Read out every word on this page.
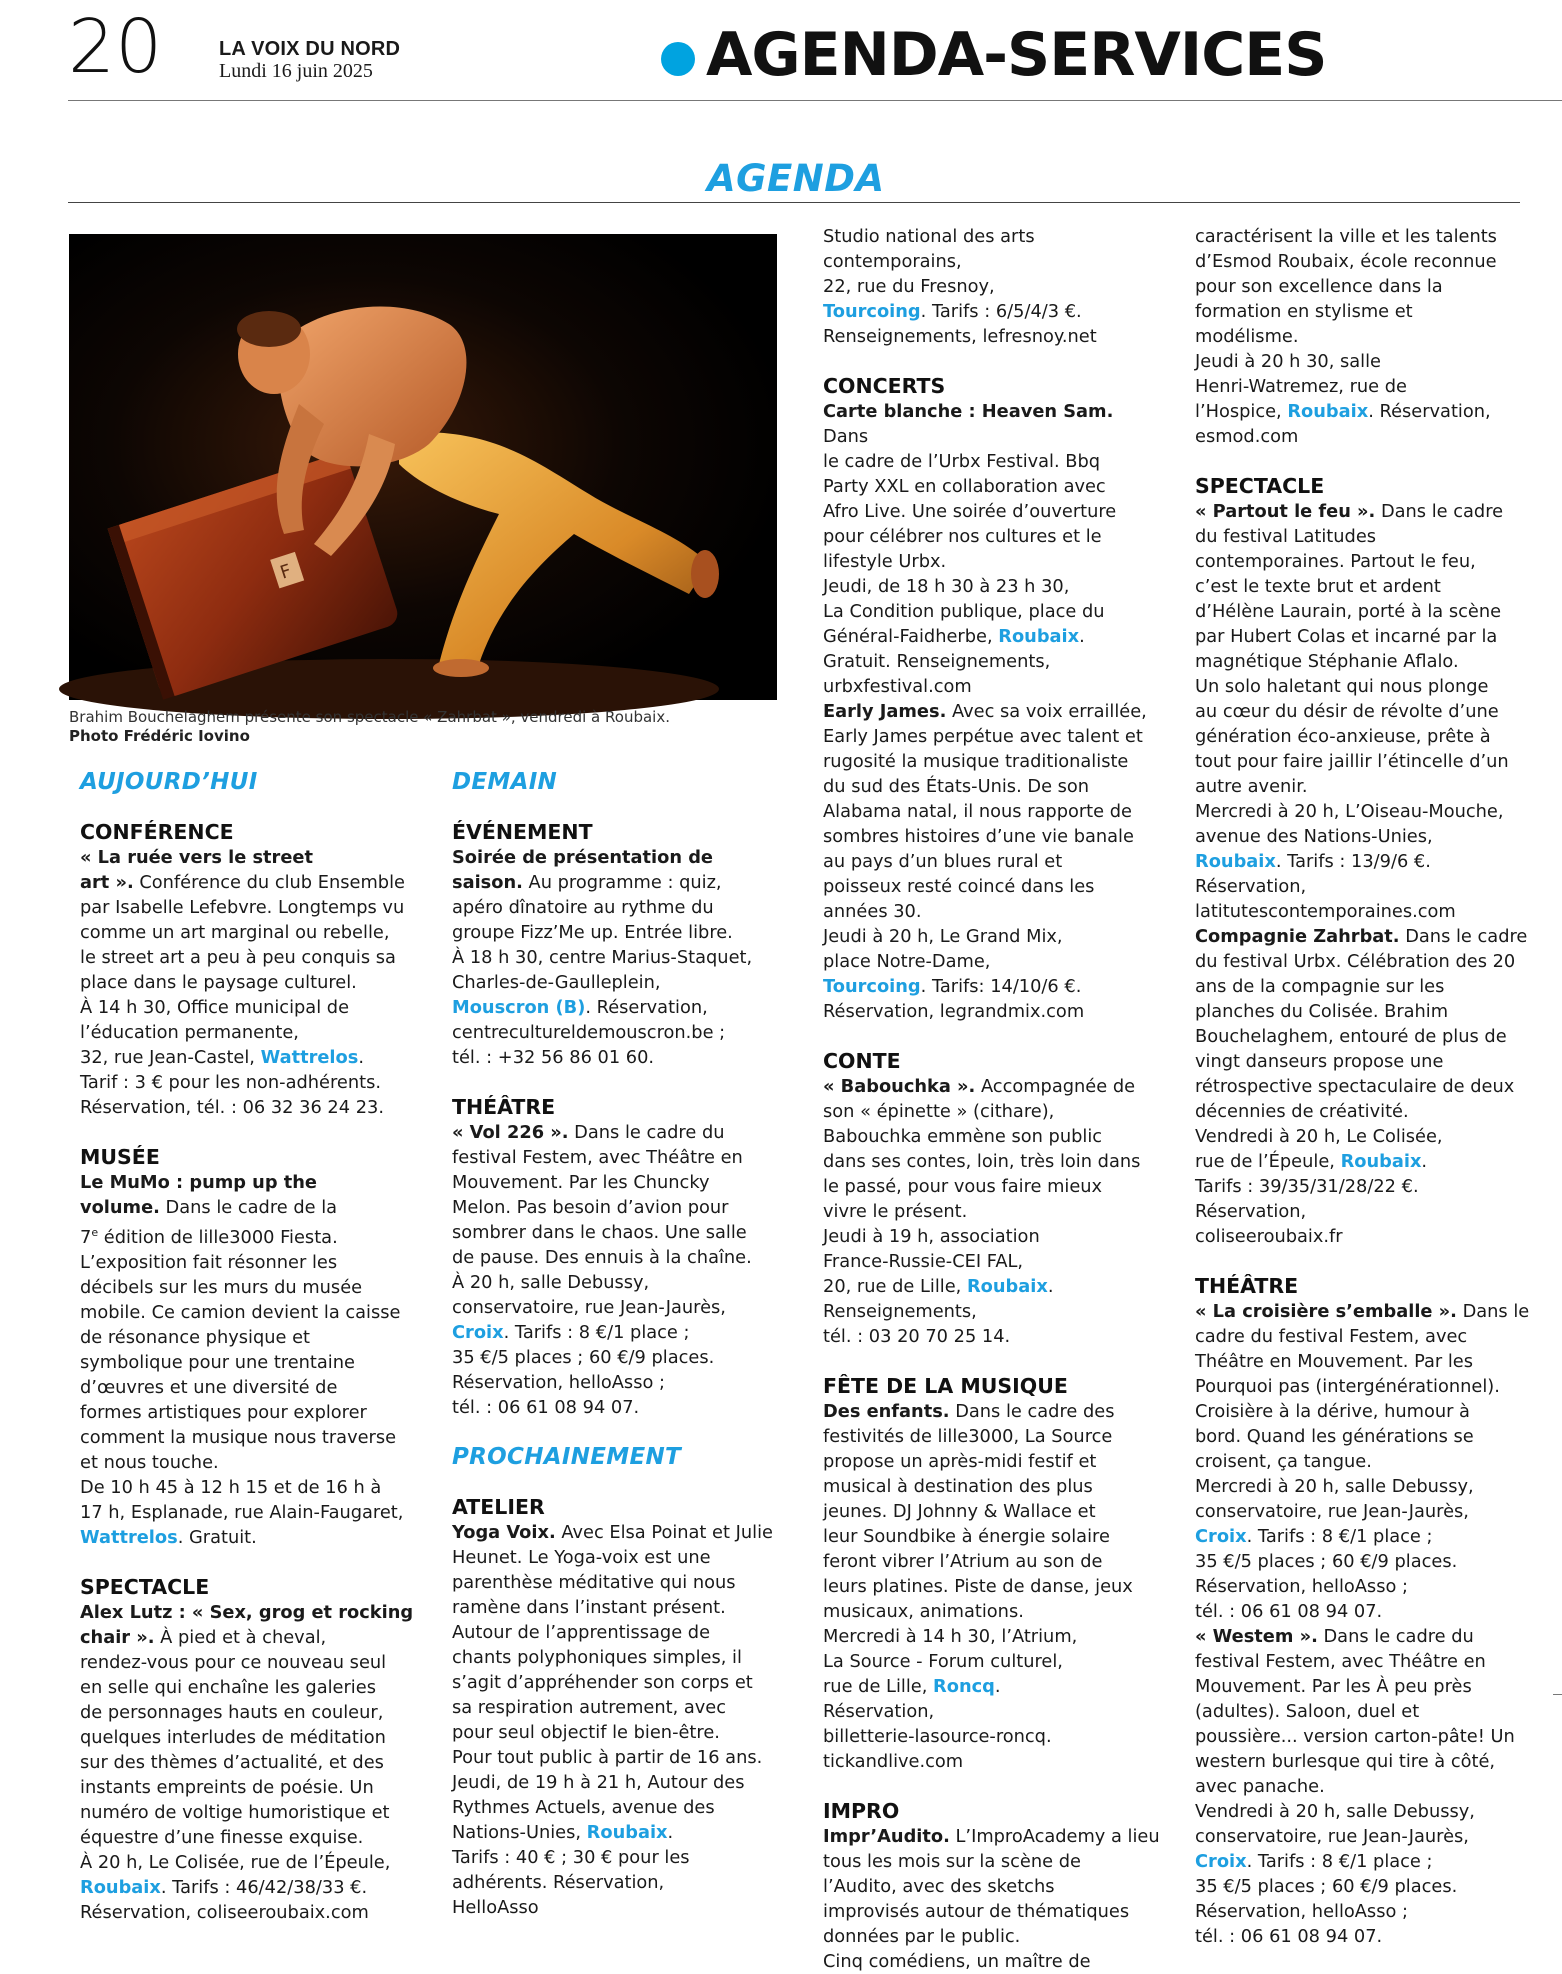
20	LA VOIX DU NORD
Lundi 16 juin 2025	AGENDA-SERVICES
AGENDA
F
Brahim Bouchelaghem présente son spectacle « Zahrbat », vendredi à Roubaix.
Photo Frédéric Iovino
AUJOURD’HUI
CONFÉRENCE
« La ruée vers le street
art ». Conférence du club Ensemble
par Isabelle Lefebvre. Longtemps vu
comme un art marginal ou rebelle,
le street art a peu à peu conquis sa
place dans le paysage culturel.
À 14 h 30, Office municipal de
l’éducation permanente,
32, rue Jean-Castel, Wattrelos.
Tarif : 3 € pour les non-adhérents.
Réservation, tél. : 06 32 36 24 23.
MUSÉE
Le MuMo : pump up the
volume. Dans le cadre de la
7e édition de lille3000 Fiesta.
L’exposition fait résonner les
décibels sur les murs du musée
mobile. Ce camion devient la caisse
de résonance physique et
symbolique pour une trentaine
d’œuvres et une diversité de
formes artistiques pour explorer
comment la musique nous traverse
et nous touche.
De 10 h 45 à 12 h 15 et de 16 h à
17 h, Esplanade, rue Alain-Faugaret,
Wattrelos. Gratuit.
SPECTACLE
Alex Lutz : « Sex, grog et rocking
chair ». À pied et à cheval,
rendez-vous pour ce nouveau seul
en selle qui enchaîne les galeries
de personnages hauts en couleur,
quelques interludes de méditation
sur des thèmes d’actualité, et des
instants empreints de poésie. Un
numéro de voltige humoristique et
équestre d’une finesse exquise.
À 20 h, Le Colisée, rue de l’Épeule,
Roubaix. Tarifs : 46/42/38/33 €.
Réservation, coliseeroubaix.com
DEMAIN
ÉVÉNEMENT
Soirée de présentation de
saison. Au programme : quiz,
apéro dînatoire au rythme du
groupe Fizz’Me up. Entrée libre.
À 18 h 30, centre Marius-Staquet,
Charles-de-Gaulleplein,
Mouscron (B). Réservation,
centrecultureldemouscron.be ;
tél. : +32 56 86 01 60.
THÉÂTRE
« Vol 226 ». Dans le cadre du
festival Festem, avec Théâtre en
Mouvement. Par les Chuncky
Melon. Pas besoin d’avion pour
sombrer dans le chaos. Une salle
de pause. Des ennuis à la chaîne.
À 20 h, salle Debussy,
conservatoire, rue Jean-Jaurès,
Croix. Tarifs : 8 €/1 place ;
35 €/5 places ; 60 €/9 places.
Réservation, helloAsso ;
tél. : 06 61 08 94 07.
PROCHAINEMENT
ATELIER
Yoga Voix. Avec Elsa Poinat et Julie
Heunet. Le Yoga-voix est une
parenthèse méditative qui nous
ramène dans l’instant présent.
Autour de l’apprentissage de
chants polyphoniques simples, il
s’agit d’appréhender son corps et
sa respiration autrement, avec
pour seul objectif le bien-être.
Pour tout public à partir de 16 ans.
Jeudi, de 19 h à 21 h, Autour des
Rythmes Actuels, avenue des
Nations-Unies, Roubaix.
Tarifs : 40 € ; 30 € pour les
adhérents. Réservation,
HelloAsso
Studio national des arts
contemporains,
22, rue du Fresnoy,
Tourcoing. Tarifs : 6/5/4/3 €.
Renseignements, lefresnoy.net
CONCERTS
Carte blanche : Heaven Sam. Dans
le cadre de l’Urbx Festival. Bbq
Party XXL en collaboration avec
Afro Live. Une soirée d’ouverture
pour célébrer nos cultures et le
lifestyle Urbx.
Jeudi, de 18 h 30 à 23 h 30,
La Condition publique, place du
Général-Faidherbe, Roubaix.
Gratuit. Renseignements,
urbxfestival.com
Early James. Avec sa voix erraillée,
Early James perpétue avec talent et
rugosité la musique traditionaliste
du sud des États-Unis. De son
Alabama natal, il nous rapporte de
sombres histoires d’une vie banale
au pays d’un blues rural et
poisseux resté coincé dans les
années 30.
Jeudi à 20 h, Le Grand Mix,
place Notre-Dame,
Tourcoing. Tarifs: 14/10/6 €.
Réservation, legrandmix.com
CONTE
« Babouchka ». Accompagnée de
son « épinette » (cithare),
Babouchka emmène son public
dans ses contes, loin, très loin dans
le passé, pour vous faire mieux
vivre le présent.
Jeudi à 19 h, association
France-Russie-CEI FAL,
20, rue de Lille, Roubaix.
Renseignements,
tél. : 03 20 70 25 14.
FÊTE DE LA MUSIQUE
Des enfants. Dans le cadre des
festivités de lille3000, La Source
propose un après-midi festif et
musical à destination des plus
jeunes. DJ Johnny & Wallace et
leur Soundbike à énergie solaire
feront vibrer l’Atrium au son de
leurs platines. Piste de danse, jeux
musicaux, animations.
Mercredi à 14 h 30, l’Atrium,
La Source - Forum culturel,
rue de Lille, Roncq.
Réservation,
billetterie-lasource-roncq.
tickandlive.com
IMPRO
Impr’Audito. L’ImproAcademy a lieu
tous les mois sur la scène de
l’Audito, avec des sketchs
improvisés autour de thématiques
données par le public.
Cinq comédiens, un maître de
caractérisent la ville et les talents
d’Esmod Roubaix, école reconnue
pour son excellence dans la
formation en stylisme et
modélisme.
Jeudi à 20 h 30, salle
Henri-Watremez, rue de
l’Hospice, Roubaix. Réservation,
esmod.com
SPECTACLE
« Partout le feu ». Dans le cadre
du festival Latitudes
contemporaines. Partout le feu,
c’est le texte brut et ardent
d’Hélène Laurain, porté à la scène
par Hubert Colas et incarné par la
magnétique Stéphanie Aflalo.
Un solo haletant qui nous plonge
au cœur du désir de révolte d’une
génération éco-anxieuse, prête à
tout pour faire jaillir l’étincelle d’un
autre avenir.
Mercredi à 20 h, L’Oiseau-Mouche,
avenue des Nations-Unies,
Roubaix. Tarifs : 13/9/6 €.
Réservation,
latitutescontemporaines.com
Compagnie Zahrbat. Dans le cadre
du festival Urbx. Célébration des 20
ans de la compagnie sur les
planches du Colisée. Brahim
Bouchelaghem, entouré de plus de
vingt danseurs propose une
rétrospective spectaculaire de deux
décennies de créativité.
Vendredi à 20 h, Le Colisée,
rue de l’Épeule, Roubaix.
Tarifs : 39/35/31/28/22 €.
Réservation,
coliseeroubaix.fr
THÉÂTRE
« La croisière s’emballe ». Dans le
cadre du festival Festem, avec
Théâtre en Mouvement. Par les
Pourquoi pas (intergénérationnel).
Croisière à la dérive, humour à
bord. Quand les générations se
croisent, ça tangue.
Mercredi à 20 h, salle Debussy,
conservatoire, rue Jean-Jaurès,
Croix. Tarifs : 8 €/1 place ;
35 €/5 places ; 60 €/9 places.
Réservation, helloAsso ;
tél. : 06 61 08 94 07.
« Westem ». Dans le cadre du
festival Festem, avec Théâtre en
Mouvement. Par les À peu près
(adultes). Saloon, duel et
poussière... version carton-pâte! Un
western burlesque qui tire à côté,
avec panache.
Vendredi à 20 h, salle Debussy,
conservatoire, rue Jean-Jaurès,
Croix. Tarifs : 8 €/1 place ;
35 €/5 places ; 60 €/9 places.
Réservation, helloAsso ;
tél. : 06 61 08 94 07.
